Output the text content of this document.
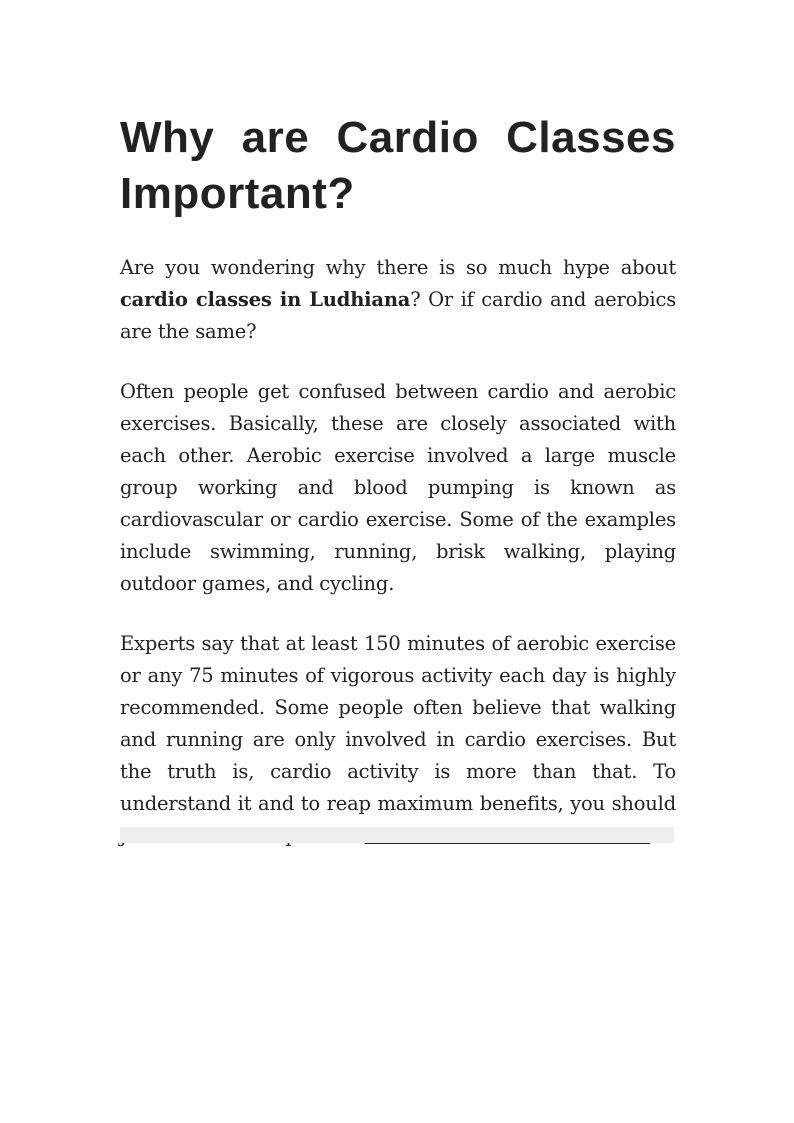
Why are Cardio Classes Important?

Are you wondering why there is so much hype about cardio classes in Ludhiana? Or if cardio and aerobics are the same?

Often people get confused between cardio and aerobic exercises. Basically, these are closely associated with each other. Aerobic exercise involved a large muscle group working and blood pumping is known as cardiovascular or cardio exercise. Some of the examples include swimming, running, brisk walking, playing outdoor games, and cycling.

Experts say that at least 150 minutes of aerobic exercise or any 75 minutes of vigorous activity each day is highly recommended. Some people often believe that walking and running are only involved in cardio exercises. But the truth is, cardio activity is more than that. To understand it and to reap maximum benefits, you should
